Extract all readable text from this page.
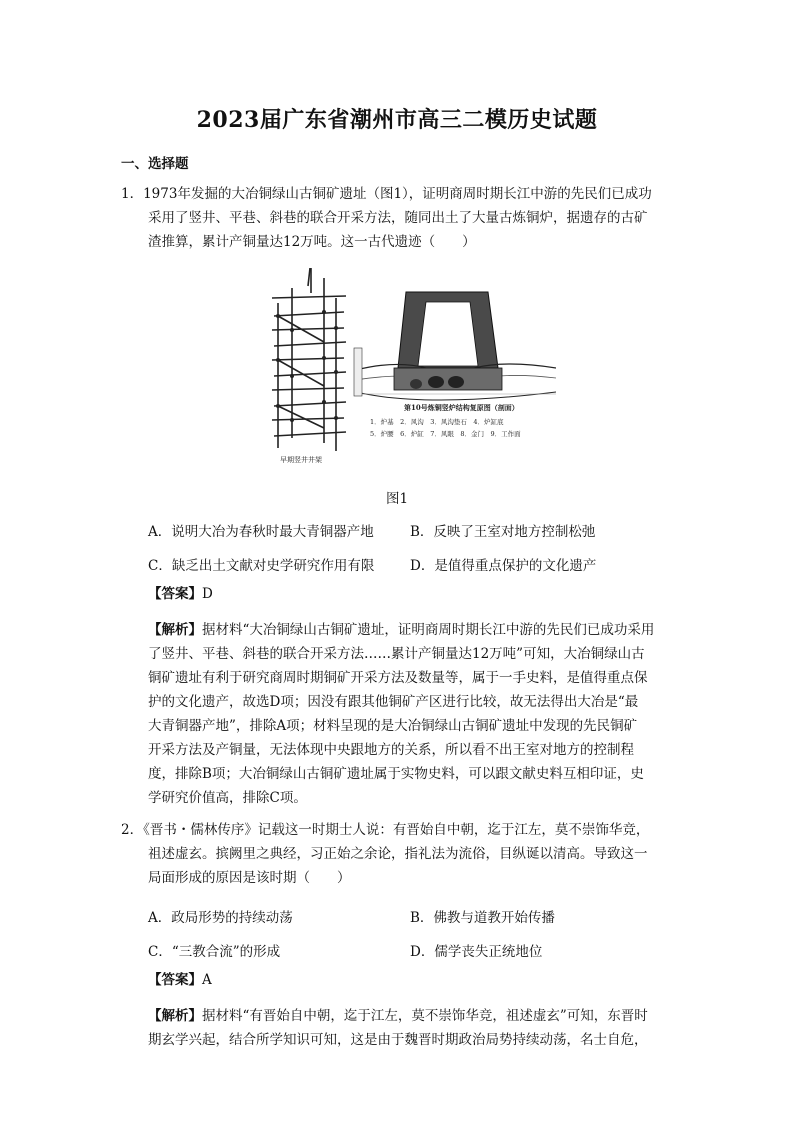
2023届广东省潮州市高三二模历史试题
一、选择题
1．1973年发掘的大冶铜绿山古铜矿遗址（图1），证明商周时期长江中游的先民们已成功
采用了竖井、平巷、斜巷的联合开采方法，随同出土了大量古炼铜炉，据遗存的古矿
渣推算，累计产铜量达12万吨。这一古代遗迹（　　）
早期竖井井架
第10号炼铜竖炉结构复原图（剖面）
1．炉基　2．风沟　3．风沟垫石　4．炉缸底
5．炉腰　6．炉缸　7．风眼　8．金门　9．工作面
图1
A．说明大冶为春秋时最大青铜器产地	B．反映了王室对地方控制松弛
C．缺乏出土文献对史学研究作用有限	D．是值得重点保护的文化遗产
【答案】D
【解析】据材料“大冶铜绿山古铜矿遗址，证明商周时期长江中游的先民们已成功采用
了竖井、平巷、斜巷的联合开采方法……累计产铜量达12万吨”可知，大冶铜绿山古
铜矿遗址有利于研究商周时期铜矿开采方法及数量等，属于一手史料，是值得重点保
护的文化遗产，故选D项；因没有跟其他铜矿产区进行比较，故无法得出大冶是“最
大青铜器产地”，排除A项；材料呈现的是大冶铜绿山古铜矿遗址中发现的先民铜矿
开采方法及产铜量，无法体现中央跟地方的关系，所以看不出王室对地方的控制程
度，排除B项；大冶铜绿山古铜矿遗址属于实物史料，可以跟文献史料互相印证，史
学研究价值高，排除C项。
2．《晋书・儒林传序》记载这一时期士人说：有晋始自中朝，迄于江左，莫不崇饰华竞，
祖述虚玄。摈阙里之典经，习正始之余论，指礼法为流俗，目纵诞以清高。导致这一
局面形成的原因是该时期（　　）
A．政局形势的持续动荡	B．佛教与道教开始传播
C．“三教合流”的形成	D．儒学丧失正统地位
【答案】A
【解析】据材料“有晋始自中朝，迄于江左，莫不崇饰华竞，祖述虚玄”可知，东晋时
期玄学兴起，结合所学知识可知，这是由于魏晋时期政治局势持续动荡，名士自危，
